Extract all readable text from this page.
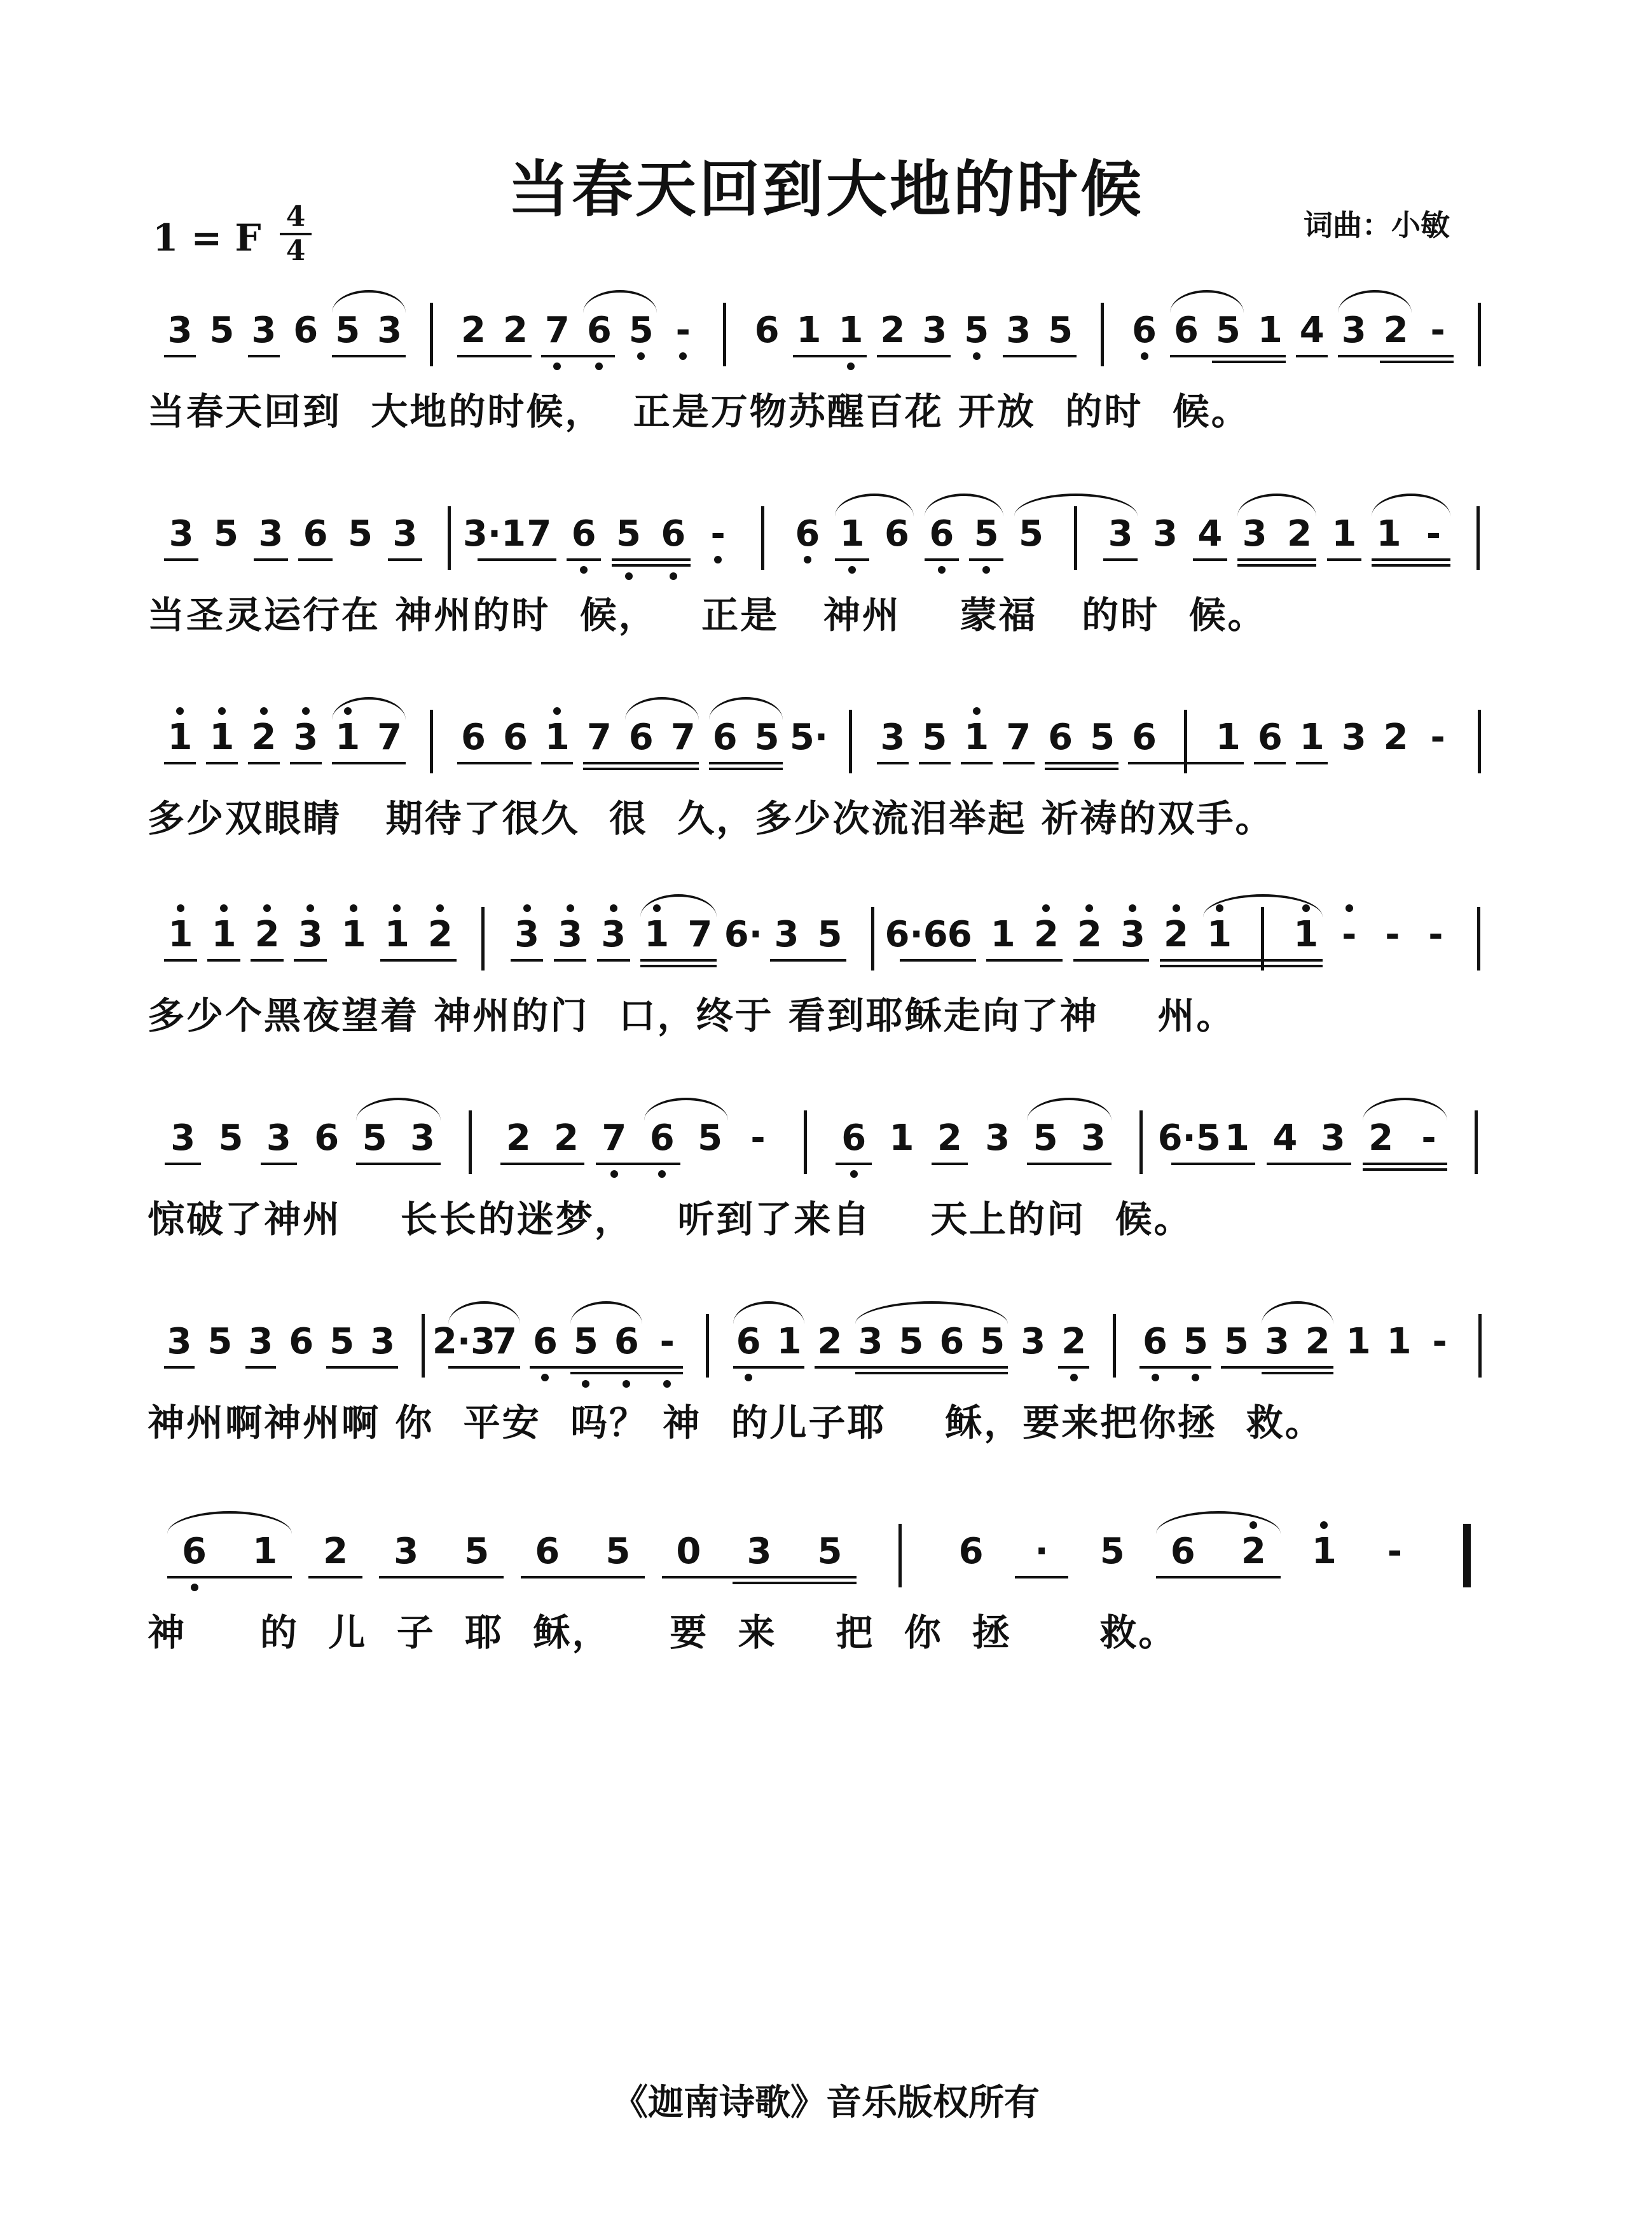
当春天回到大地的时候
1 = F 4
4
词曲：小敏
3 5 3 6 5 3 2 2 7 6 5 - 6 1 1 2 3 5 3 5 6 6 5 1 4 3 2 -
当春天回到  大地的时候，  正是万物苏醒百花 开放  的时  候。
3 5 3 6 5 3 3·1 7 6 5 6 - 6 1 6 6 5 5 3 3 4 3 2 1 1 -
当圣灵运行在 神州的时  候，   正是   神州    蒙福   的时  候。
1 1 2 3 1 7 6 6 1 7 6 7 6 5 5· 3 5 1 7 6 5 6 1 6 1 3 2 -
多少双眼睛   期待了很久  很  久，多少次流泪举起 祈祷的双手。
1 1 2 3 1 1 2 3 3 3 1 7 6· 3 5 6·6
6 1 2 2 3 2 1 1 - - -
多少个黑夜望着 神州的门  口，终于 看到耶稣走向了神    州。
3 5 3 6 5 3 2 2 7 6 5 - 6 1 2 3 5 3 6·5 1 4 3 2 -
惊破了神州    长长的迷梦，   听到了来自    天上的问  候。
3 5 3 6 5 3 2·3
7 6 5 6 - 6 1 2 3 5 6 5 3 2 6 5 5 3 2 1 1 -
神州啊神州啊 你  平安  吗？ 神  的儿子耶    稣，要来把你拯  救。
6 1 2 3 5 6 5 0 3 5	6 · 5 6 2 1 -
神     的  儿  子  耶  稣，    要  来    把  你  拯      救。
《迦南诗歌》音乐版权所有
